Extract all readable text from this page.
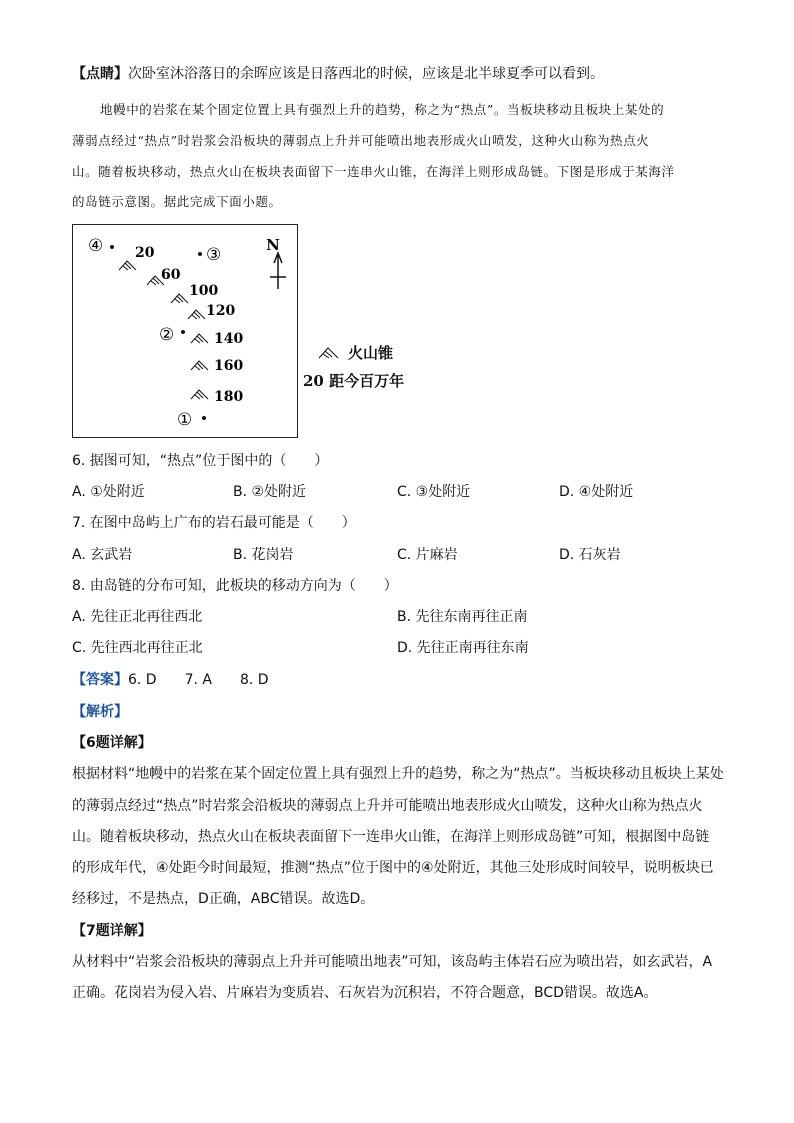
【点睛】次卧室沐浴落日的余晖应该是日落西北的时候，应该是北半球夏季可以看到。
地幔中的岩浆在某个固定位置上具有强烈上升的趋势，称之为“热点”。当板块移动且板块上某处的
薄弱点经过“热点”时岩浆会沿板块的薄弱点上升并可能喷出地表形成火山喷发，这种火山称为热点火
山。随着板块移动，热点火山在板块表面留下一连串火山锥，在海洋上则形成岛链。下图是形成于某海洋
的岛链示意图。据此完成下面小题。
N
④	③
②
①
20
60
100
120
140
160
180
火山锥
20 距今百万年
6. 据图可知，“热点”位于图中的（　　）
A. ①处附近	B. ②处附近	C. ③处附近	D. ④处附近
7. 在图中岛屿上广布的岩石最可能是（　　）
A. 玄武岩	B. 花岗岩	C. 片麻岩	D. 石灰岩
8. 由岛链的分布可知，此板块的移动方向为（　　）
A. 先往正北再往西北	B. 先往东南再往正南
C. 先往西北再往正北	D. 先往正南再往东南
【答案】6. D　　7. A　　8. D
【解析】
【6题详解】
根据材料“地幔中的岩浆在某个固定位置上具有强烈上升的趋势，称之为“热点”。当板块移动且板块上某处
的薄弱点经过“热点”时岩浆会沿板块的薄弱点上升并可能喷出地表形成火山喷发，这种火山称为热点火
山。随着板块移动，热点火山在板块表面留下一连串火山锥，在海洋上则形成岛链”可知，根据图中岛链
的形成年代，④处距今时间最短，推测“热点”位于图中的④处附近，其他三处形成时间较早，说明板块已
经移过，不是热点，D正确，ABC错误。故选D。
【7题详解】
从材料中“岩浆会沿板块的薄弱点上升并可能喷出地表”可知，该岛屿主体岩石应为喷出岩，如玄武岩，A
正确。花岗岩为侵入岩、片麻岩为变质岩、石灰岩为沉积岩，不符合题意，BCD错误。故选A。
